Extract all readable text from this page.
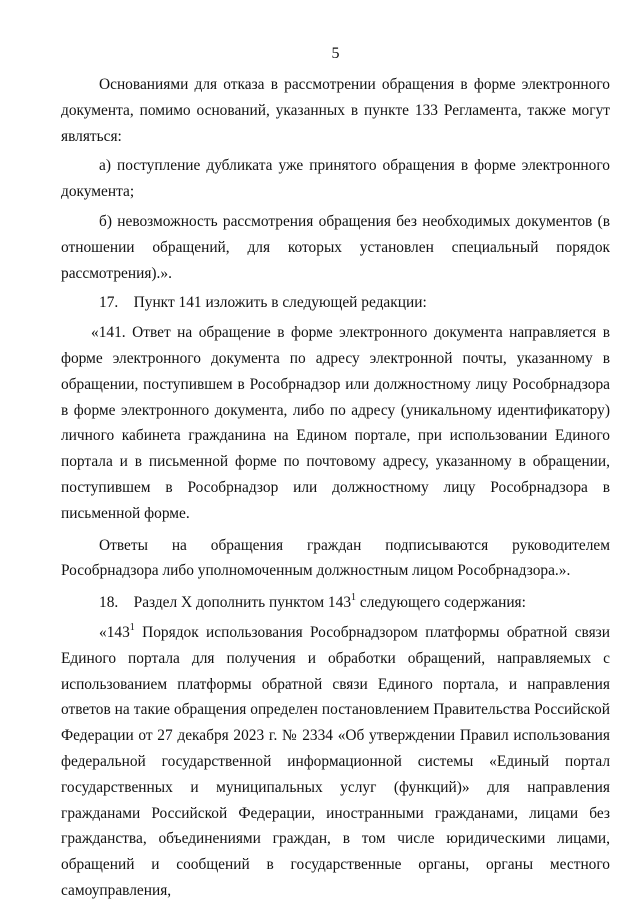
5

Основаниями для отказа в рассмотрении обращения в форме электронного документа, помимо оснований, указанных в пункте 133 Регламента, также могут являться:

а) поступление дубликата уже принятого обращения в форме электронного документа;

б) невозможность рассмотрения обращения без необходимых документов (в отношении обращений, для которых установлен специальный порядок рассмотрения).».

17. Пункт 141 изложить в следующей редакции:

«141. Ответ на обращение в форме электронного документа направляется в форме электронного документа по адресу электронной почты, указанному в обращении, поступившем в Рособрнадзор или должностному лицу Рособрнадзора в форме электронного документа, либо по адресу (уникальному идентификатору) личного кабинета гражданина на Едином портале, при использовании Единого портала и в письменной форме по почтовому адресу, указанному в обращении, поступившем в Рособрнадзор или должностному лицу Рособрнадзора в письменной форме.

Ответы на обращения граждан подписываются руководителем Рособрнадзора либо уполномоченным должностным лицом Рособрнадзора.».

18. Раздел X дополнить пунктом $143^1$ следующего содержания:

«$143^1$ Порядок использования Рособрнадзором платформы обратной связи Единого портала для получения и обработки обращений, направляемых с использованием платформы обратной связи Единого портала, и направления ответов на такие обращения определен постановлением Правительства Российской Федерации от 27 декабря 2023 г. № 2334 «Об утверждении Правил использования федеральной государственной информационной системы «Единый портал государственных и муниципальных услуг (функций)» для направления гражданами Российской Федерации, иностранными гражданами, лицами без гражданства, объединениями граждан, в том числе юридическими лицами, обращений и сообщений в государственные органы, органы местного самоуправления,
